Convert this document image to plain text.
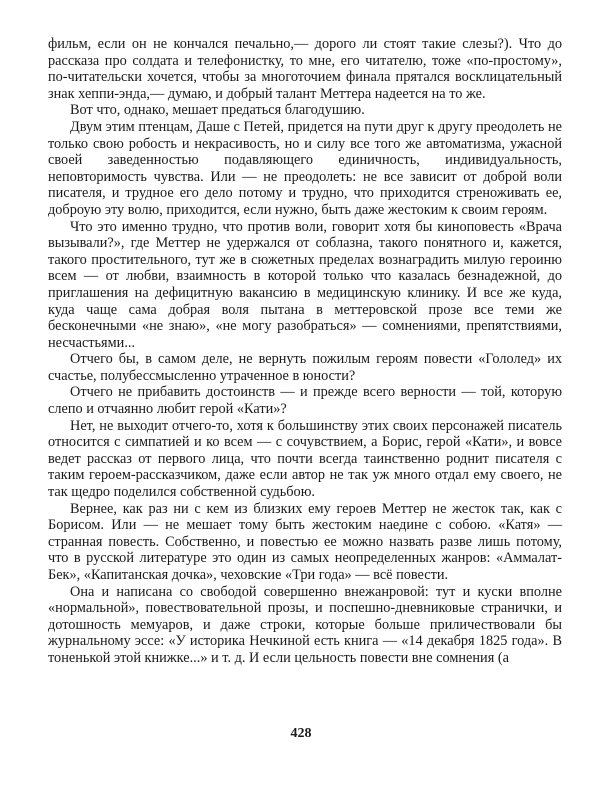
фильм, если он не кончался печально,— дорого ли стоят такие слезы?). Что до рассказа про солдата и телефонистку, то мне, его читателю, тоже «по-простому», по-читательски хочется, чтобы за многоточием финала прятался восклицательный знак хеппи-энда,— думаю, и добрый талант Меттера надеется на то же.

Вот что, однако, мешает предаться благодушию.

Двум этим птенцам, Даше с Петей, придется на пути друг к другу преодолеть не только свою робость и некрасивость, но и силу все того же автоматизма, ужасной своей заведенностью подавляющего единичность, индивидуальность, неповторимость чувства. Или — не преодолеть: не все зависит от доброй воли писателя, и трудное его дело потому и трудно, что приходится стреноживать ее, доброую эту волю, приходится, если нужно, быть даже жестоким к своим героям.

Что это именно трудно, что против воли, говорит хотя бы киноповесть «Врача вызывали?», где Меттер не удержался от соблазна, такого понятного и, кажется, такого простительного, тут же в сюжетных пределах вознаградить милую героиню всем — от любви, взаимность в которой только что казалась безнадежной, до приглашения на дефицитную вакансию в медицинскую клинику. И все же куда, куда чаще сама добрая воля пытана в меттеровской прозе все теми же бесконечными «не знаю», «не могу разобраться» — сомнениями, препятствиями, несчастьями...

Отчего бы, в самом деле, не вернуть пожилым героям повести «Гололед» их счастье, полубессмысленно утраченное в юности?

Отчего не прибавить достоинств — и прежде всего верности — той, которую слепо и отчаянно любит герой «Кати»?

Нет, не выходит отчего-то, хотя к большинству этих своих персонажей писатель относится с симпатией и ко всем — с сочувствием, а Борис, герой «Кати», и вовсе ведет рассказ от первого лица, что почти всегда таинственно роднит писателя с таким героем-рассказчиком, даже если автор не так уж много отдал ему своего, не так щедро поделился собственной судьбою.

Вернее, как раз ни с кем из близких ему героев Меттер не жесток так, как с Борисом. Или — не мешает тому быть жестоким наедине с собою. «Катя» — странная повесть. Собственно, и повестью ее можно назвать разве лишь потому, что в русской литературе это один из самых неопределенных жанров: «Аммалат-Бек», «Капитанская дочка», чеховские «Три года» — всё повести.

Она и написана со свободой совершенно внежанровой: тут и куски вполне «нормальной», повествовательной прозы, и поспешно-дневниковые странички, и дотошность мемуаров, и даже строки, которые больше приличествовали бы журнальному эссе: «У историка Нечкиной есть книга — «14 декабря 1825 года». В тоненькой этой книжке...» и т. д. И если цельность повести вне сомнения (а

428
